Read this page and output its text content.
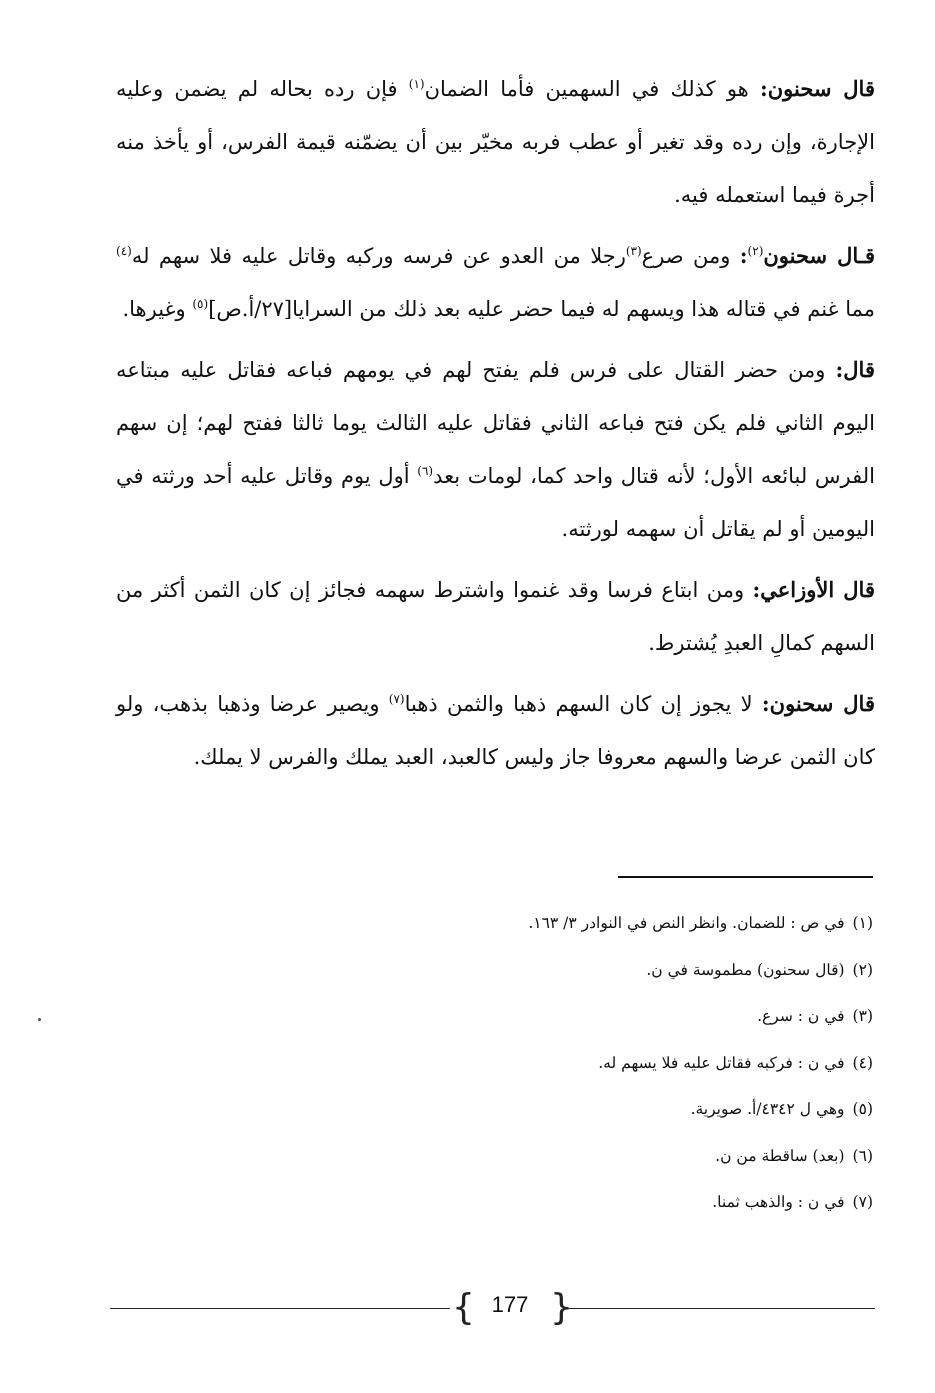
قال سحنون: هو كذلك في السهمين فأما الضمان$^{(١)}$ فإن رده بحاله لم يضمن وعليه الإجارة، وإن رده وقد تغير أو عطب فربه مخيّر بين أن يضمّنه قيمة الفرس، أو يأخذ منه أجرة فيما استعمله فيه.

قـال سحنون$^{(٢)}$: ومن صرع$^{(٣)}$رجلا من العدو عن فرسه وركبه وقاتل عليه فلا سهم له$^{(٤)}$ مما غنم في قتاله هذا ويسهم له فيما حضر عليه بعد ذلك من السرايا[٢٧/أ.ص]$^{(٥)}$ وغيرها.

قال: ومن حضر القتال على فرس فلم يفتح لهم في يومهم فباعه فقاتل عليه مبتاعه اليوم الثاني فلم يكن فتح فباعه الثاني فقاتل عليه الثالث يوما ثالثا ففتح لهم؛ إن سهم الفرس لبائعه الأول؛ لأنه قتال واحد كما، لومات بعد$^{(٦)}$ أول يوم وقاتل عليه أحد ورثته في اليومين أو لم يقاتل أن سهمه لورثته.

قال الأوزاعي: ومن ابتاع فرسا وقد غنموا واشترط سهمه فجائز إن كان الثمن أكثر من السهم كمالِ العبدِ يُشترط.

قال سحنون: لا يجوز إن كان السهم ذهبا والثمن ذهبا$^{(٧)}$ ويصير عرضا وذهبا بذهب، ولو كان الثمن عرضا والسهم معروفا جاز وليس كالعبد، العبد يملك والفرس لا يملك.

(١)في ص : للضمان. وانظر النص في النوادر ٣/ ١٦٣.
(٢)(قال سحنون) مطموسة في ن.
(٣)في ن : سرع.
(٤)في ن : فركبه فقاتل عليه فلا يسهم له.
(٥)وهي ل ٤٣٤٢/أ. صويرية.
(٦)(بعد) ساقطة من ن.
(٧)في ن : والذهب ثمنا.
{ 177 }
